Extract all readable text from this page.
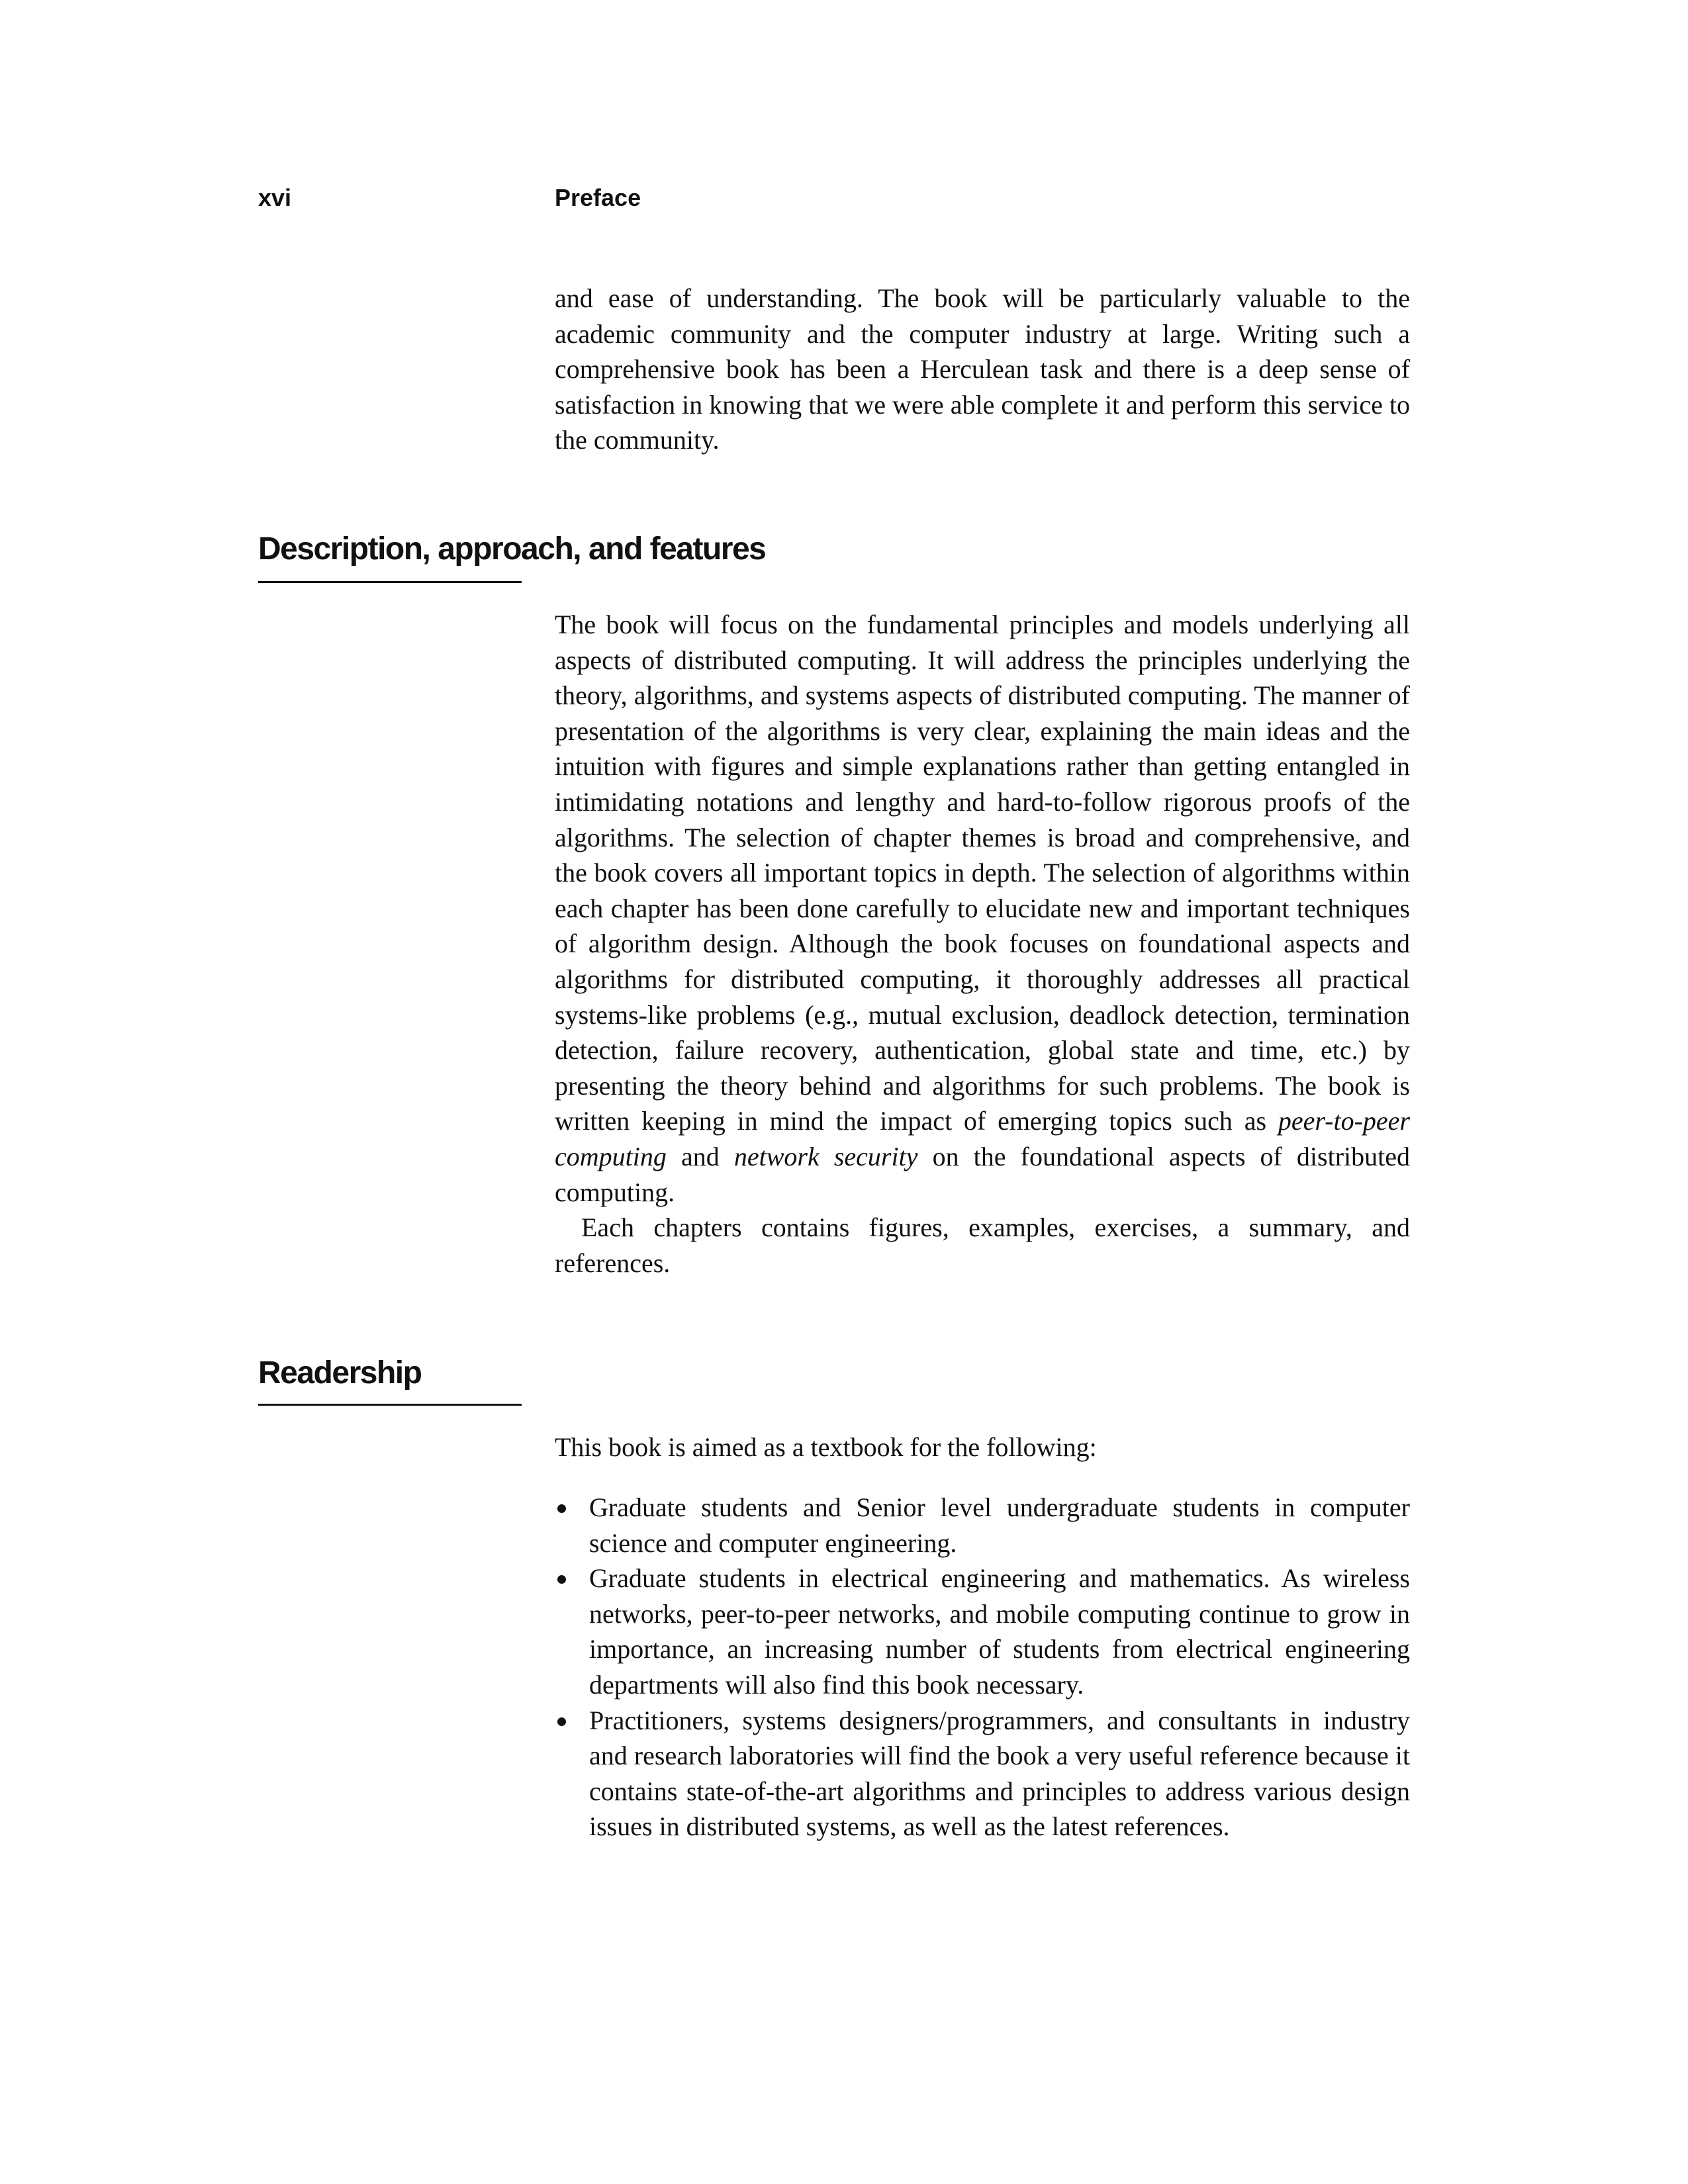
xvi	Preface

and ease of understanding. The book will be particularly valuable to the academic community and the computer industry at large. Writing such a comprehensive book has been a Herculean task and there is a deep sense of satisfaction in knowing that we were able complete it and perform this service to the community.

Description, approach, and features

The book will focus on the fundamental principles and models underlying all aspects of distributed computing. It will address the principles underlying the theory, algorithms, and systems aspects of distributed computing. The manner of presentation of the algorithms is very clear, explaining the main ideas and the intuition with figures and simple explanations rather than getting entangled in intimidating notations and lengthy and hard-to-follow rigorous proofs of the algorithms. The selection of chapter themes is broad and comprehensive, and the book covers all important topics in depth. The selection of algorithms within each chapter has been done carefully to elucidate new and important techniques of algorithm design. Although the book focuses on foundational aspects and algorithms for distributed computing, it thoroughly addresses all practical systems-like problems (e.g., mutual exclusion, deadlock detection, termination detection, failure recovery, authentication, global state and time, etc.) by presenting the theory behind and algorithms for such problems. The book is written keeping in mind the impact of emerging topics such as peer-to-peer computing and network security on the foundational aspects of distributed computing.

Each chapters contains figures, examples, exercises, a summary, and references.

Readership

This book is aimed as a textbook for the following:

Graduate students and Senior level undergraduate students in computer science and computer engineering.
Graduate students in electrical engineering and mathematics. As wireless networks, peer-to-peer networks, and mobile computing continue to grow in importance, an increasing number of students from electrical engineering departments will also find this book necessary.
Practitioners, systems designers/programmers, and consultants in industry and research laboratories will find the book a very useful reference because it contains state-of-the-art algorithms and principles to address various design issues in distributed systems, as well as the latest references.
